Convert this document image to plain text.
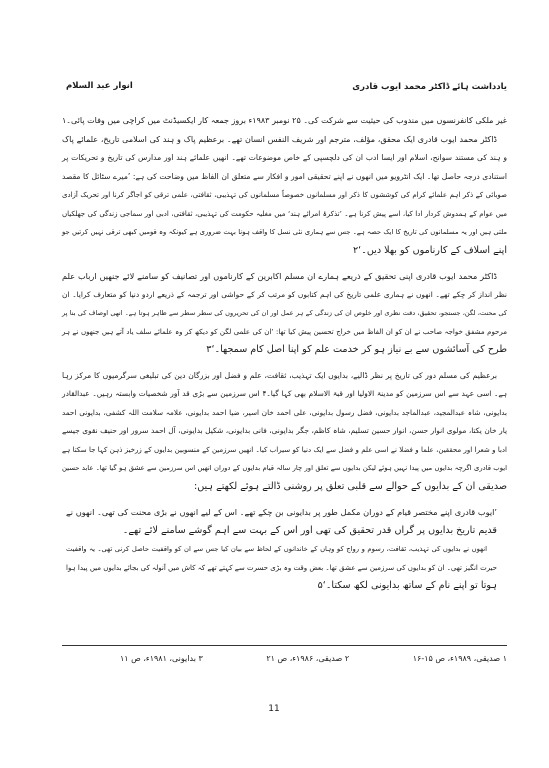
یادداشت ہائے ڈاکٹر محمد ایوب قادری
انوار عبد السلام
غیر ملکی کانفرنسوں میں مندوب کی حیثیت سے شرکت کی۔ ۲۵ نومبر ۱۹۸۳ء بروز جمعہ کار ایکسیڈنٹ میں کراچی میں وفات پائی۔۱
ڈاکٹر محمد ایوب قادری ایک محقق، مؤلف، مترجم اور شریف النفس انسان تھے۔ برعظیم پاک و ہند کی اسلامی تاریخ، علمائے پاک
و ہند کی مستند سوانح، اسلام اور ایسا ادب ان کی دلچسپی کے خاص موضوعات تھے۔ انھیں علمائے ہند اور مدارس کی تاریخ و تحریکات پر
استنادی درجہ حاصل تھا۔ ایک انٹرویو میں انھوں نے اپنے تحقیقی امور و افکار سے متعلق ان الفاظ میں وضاحت کی ہے: ’میرے سٹائل کا مقصد
صوبائی کے ذکر اہم علمائے کرام کی کوششوں کا ذکر اور مسلمانوں خصوصاً مسلمانوں کی تہذیبی، ثقافتی، علمی ترقی کو اجاگر کرنا اور تحریک آزادی
میں عوام کے ہمدوش کردار ادا کیا، اسے پیش کرنا ہے۔ ’تذکرۂ امرائے ہند‘ میں مغلیہ حکومت کی تہذیبی، ثقافتی، ادبی اور سماجی زندگی کی جھلکیاں
ملتی ہیں اور یہ مسلمانوں کی تاریخ کا ایک حصہ ہے۔ جس سے ہماری نئی نسل کا واقف ہونا بہت ضروری ہے کیونکہ وہ قومیں کبھی ترقی نہیں کرتیں جو
اپنے اسلاف کے کارناموں کو بھلا دیں۔‘۲
ڈاکٹر محمد ایوب قادری اپنی تحقیق کے ذریعے ہمارے ان مسلم اکابرین کے کارناموں اور تصانیف کو سامنے لائے جنھیں ارباب علم
نظر انداز کر چکے تھے۔ انھوں نے ہماری علمی تاریخ کی اہم کتابوں کو مرتب کر کے حواشی اور ترجمہ کے ذریعے اردو دنیا کو متعارف کرایا۔ ان
کی محنت، لگن، جستجو، تحقیق، دقت نظری اور خلوص ان کی زندگی کے ہر عمل اور ان کی تحریروں کی سطر سطر سے ظاہر ہوتا ہے۔ انھی اوصاف کی بنا پر
مرحوم مشفق خواجہ صاحب نے ان کو ان الفاظ میں خراج تحسین پیش کیا تھا: ’ان کی علمی لگن کو دیکھ کر وہ علمائے سلف یاد آتے ہیں جنھوں نے ہر
طرح کی آسائشوں سے بے نیاز ہو کر خدمت علم کو اپنا اصل کام سمجھا۔‘۳
برعظیم کی مسلم دور کی تاریخ پر نظر ڈالیے، بدایوں ایک تہذیب، ثقافت، علم و فضل اور بزرگان دین کی تبلیغی سرگرمیوں کا مرکز رہا
ہے۔ اسی عہد سے اس سرزمین کو مدینۃ الاولیا اور قبۃ الاسلام بھی کہا گیا۔۴ اس سرزمین سے بڑی قد آور شخصیات وابستہ رہیں۔ عبدالقادر
بدایونی، شاہ عبدالمجید، عبدالماجد بدایونی، فضل رسول بدایونی، علی احمد خان اسیر، ضیا احمد بدایونی، علامہ سلامت اللہ کشفی، بدایونی احمد
یار خان یکتا، مولوی انوار حسن، انوار حسین تسلیم، شاہ کاظم، جگر بدایونی، فانی بدایونی، شکیل بدایونی، آل احمد سرور اور حنیف نقوی جیسے
ادبا و شعرا اور محققین، علما و فضلا نے اسی علم و فضل سے ایک دنیا کو سیراب کیا۔ انھیں سرزمین کے منسوبین بدایوں کے زرخیز ذہن کہا جا سکتا ہے
ایوب قادری اگرچہ بدایوں میں پیدا نہیں ہوئے لیکن بدایوں سے تعلق اور چار سالہ قیام بدایوں کے دوران انھیں اس سرزمین سے عشق ہو گیا تھا۔ عابد حسین
صدیقی ان کے بدایوں کے حوالے سے قلبی تعلق پر روشنی ڈالتے ہوئے لکھتے ہیں:
’ایوب قادری اپنے مختصر قیام کے دوران مکمل طور پر بدایونی بن چکے تھے۔ اس کے لیے انھوں نے بڑی محنت کی تھی۔ انھوں نے
قدیم تاریخ بدایوں پر گراں قدر تحقیق کی تھی اور اس کے بہت سے اہم گوشے سامنے لائے تھے۔
انھوں نے بدایوں کی تہذیب، ثقافت، رسوم و رواج کو وہاں کے خاندانوں کے لحاظ سے بیان کیا جس سے ان کو واقفیت حاصل کرنی تھی۔ یہ واقفیت
حیرت انگیز تھی۔ ان کو بدایوں کی سرزمین سے عشق تھا۔ بعض وقت وہ بڑی حسرت سے کہتے تھے کہ کاش میں آنولہ کی بجائے بدایوں میں پیدا ہوا
ہوتا تو اپنے نام کے ساتھ بدایونی لکھ سکتا۔‘۵
۱ صدیقی، ۱۹۸۹ء، ص ۱۵-۱۶
۲ صدیقی، ۱۹۸۶ء، ص ۲۱
۳ بدایونی، ۱۹۸۱ء، ص ۱۱
11
